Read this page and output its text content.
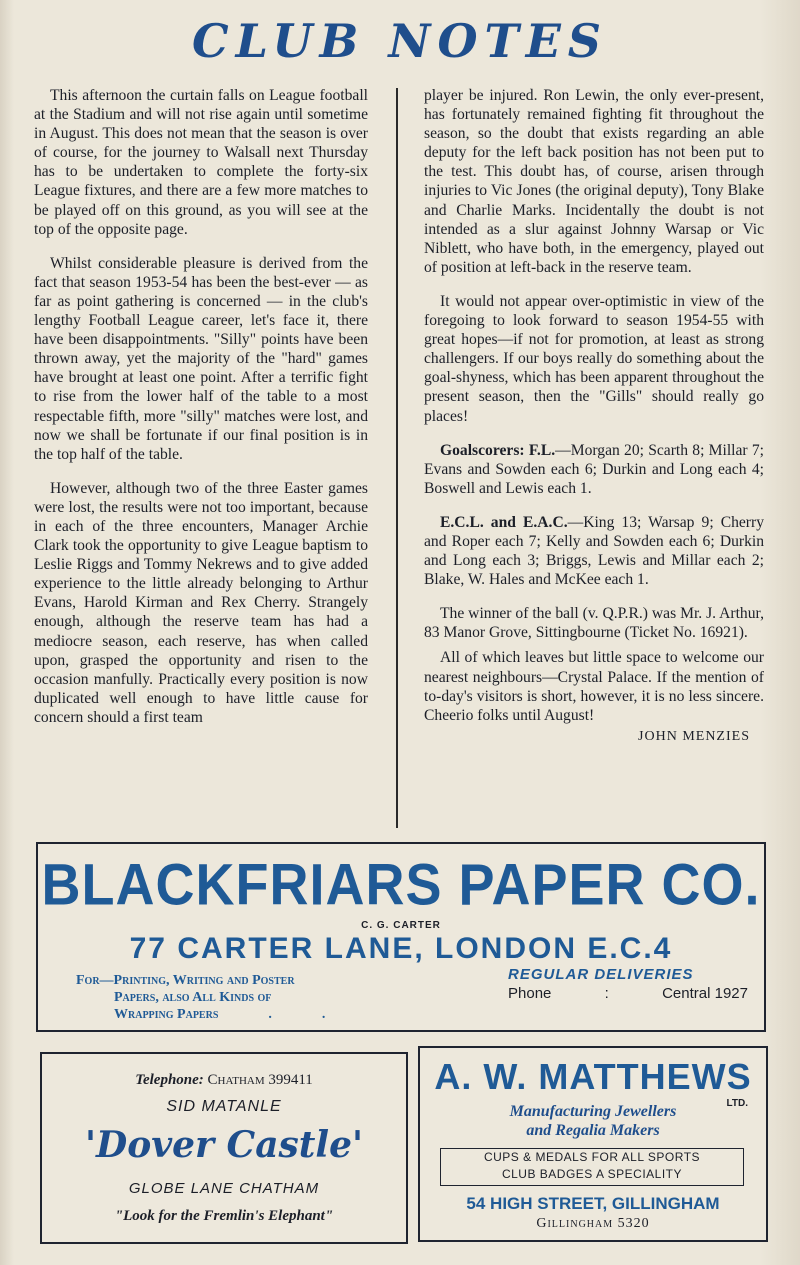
CLUB NOTES

This afternoon the curtain falls on League football at the Stadium and will not rise again until sometime in August. This does not mean that the season is over of course, for the journey to Walsall next Thursday has to be undertaken to complete the forty-six League fixtures, and there are a few more matches to be played off on this ground, as you will see at the top of the opposite page.

Whilst considerable pleasure is derived from the fact that season 1953-54 has been the best-ever — as far as point gathering is concerned — in the club's lengthy Football League career, let's face it, there have been disappointments. "Silly" points have been thrown away, yet the majority of the "hard" games have brought at least one point. After a terrific fight to rise from the lower half of the table to a most respectable fifth, more "silly" matches were lost, and now we shall be fortunate if our final position is in the top half of the table.

However, although two of the three Easter games were lost, the results were not too important, because in each of the three encounters, Manager Archie Clark took the opportunity to give League baptism to Leslie Riggs and Tommy Nekrews and to give added experience to the little already belonging to Arthur Evans, Harold Kirman and Rex Cherry. Strangely enough, although the reserve team has had a mediocre season, each reserve, has when called upon, grasped the opportunity and risen to the occasion manfully. Practically every position is now duplicated well enough to have little cause for concern should a first team

player be injured. Ron Lewin, the only ever-present, has fortunately remained fighting fit throughout the season, so the doubt that exists regarding an able deputy for the left back position has not been put to the test. This doubt has, of course, arisen through injuries to Vic Jones (the original deputy), Tony Blake and Charlie Marks. Incidentally the doubt is not intended as a slur against Johnny Warsap or Vic Niblett, who have both, in the emergency, played out of position at left-back in the reserve team.

It would not appear over-optimistic in view of the foregoing to look forward to season 1954-55 with great hopes—if not for promotion, at least as strong challengers. If our boys really do something about the goal-shyness, which has been apparent throughout the present season, then the "Gills" should really go places!

Goalscorers: F.L.—Morgan 20; Scarth 8; Millar 7; Evans and Sowden each 6; Durkin and Long each 4; Boswell and Lewis each 1.

E.C.L. and E.A.C.—King 13; Warsap 9; Cherry and Roper each 7; Kelly and Sowden each 6; Durkin and Long each 3; Briggs, Lewis and Millar each 2; Blake, W. Hales and McKee each 1.

The winner of the ball (v. Q.P.R.) was Mr. J. Arthur, 83 Manor Grove, Sittingbourne (Ticket No. 16921).

All of which leaves but little space to welcome our nearest neighbours—Crystal Palace. If the mention of to-day's visitors is short, however, it is no less sincere. Cheerio folks until August!

JOHN MENZIES
BLACKFRIARS PAPER CO.
C. G. CARTER
77 CARTER LANE, LONDON E.C.4
For—Printing, Writing and Poster
Papers, also All Kinds of
Wrapping Papers	.	.
REGULAR DELIVERIES
Phone	:	Central 1927
Telephone: Chatham 399411
SID MATANLE
'Dover Castle'
GLOBE LANE CHATHAM
"Look for the Fremlin's Elephant"
A. W. MATTHEWS
LTD.
Manufacturing Jewellers
and Regalia Makers
CUPS & MEDALS FOR ALL SPORTS
CLUB BADGES A SPECIALITY
54 HIGH STREET, GILLINGHAM
Gillingham 5320
